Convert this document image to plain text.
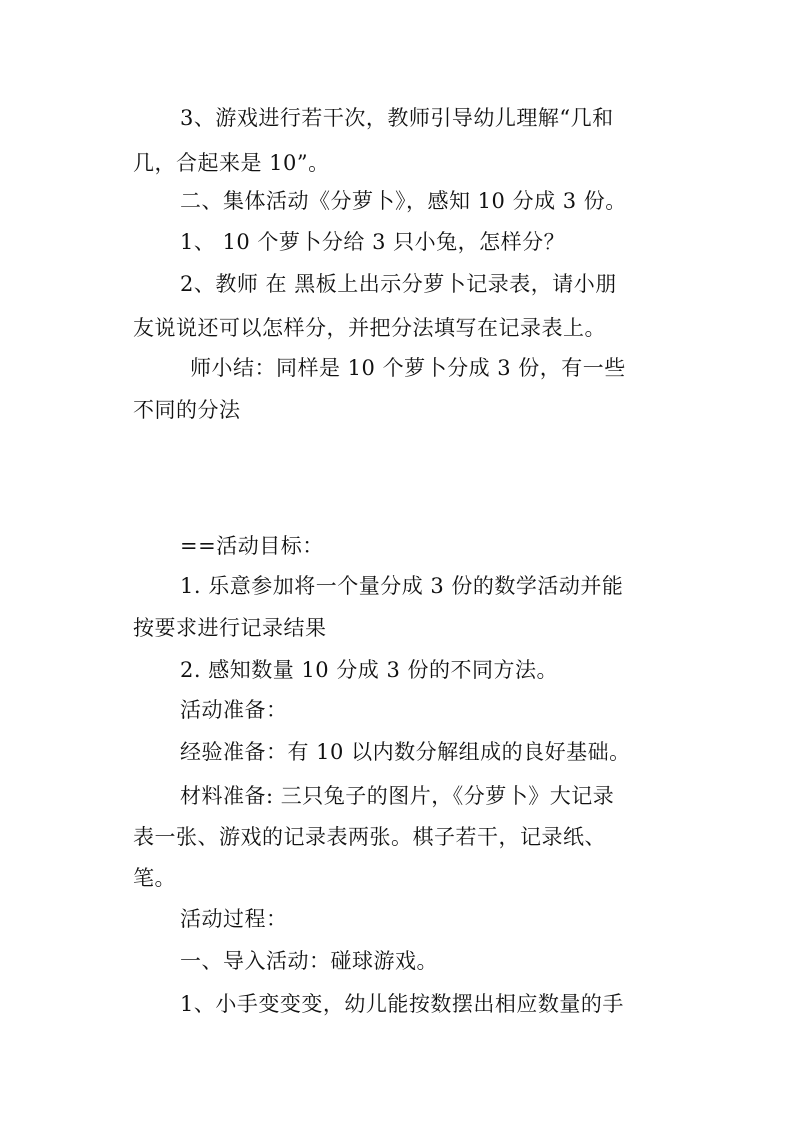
3、游戏进行若干次，教师引导幼儿理解“几和
几，合起来是 10”。
二、集体活动《分萝卜》，感知 10 分成 3 份。
1、 10 个萝卜分给 3 只小兔，怎样分？
2、教师 在 黑板上出示分萝卜记录表，请小朋
友说说还可以怎样分，并把分法填写在记录表上。
师小结：同样是 10 个萝卜分成 3 份，有一些
不同的分法
==活动目标：
1. 乐意参加将一个量分成 3 份的数学活动并能
按要求进行记录结果
2. 感知数量 10 分成 3 份的不同方法。
活动准备：
经验准备：有 10 以内数分解组成的良好基础。
材料准备: 三只兔子的图片，《分萝卜》大记录
表一张、游戏的记录表两张。棋子若干，记录纸、
笔。
活动过程：
一、导入活动：碰球游戏。
1、小手变变变，幼儿能按数摆出相应数量的手
